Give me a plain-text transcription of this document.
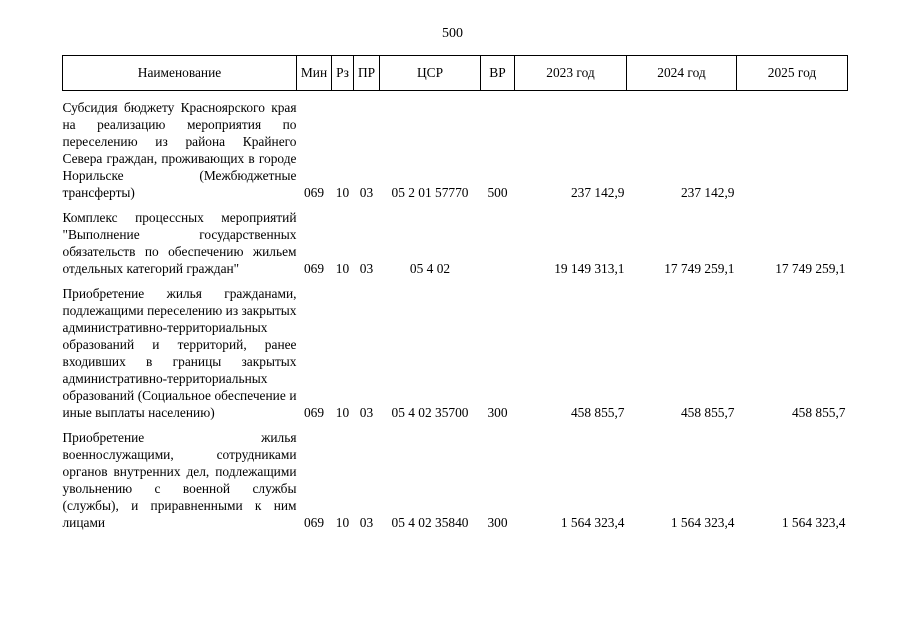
500
Наименование	Мин	Рз	ПР	ЦСР	ВР	2023 год	2024 год	2025 год

Субсидия бюджету Красноярского края на реализацию мероприятия по переселению из района Крайнего Севера граждан, проживающих в городе Норильске (Межбюджетные трансферты)	069	10	03	05 2 01 57770	500	237 142,9	237 142,9	

Комплекс процессных мероприятий "Выполнение государственных обязательств по обеспечению жильем отдельных категорий граждан"	069	10	03	05 4 02		19 149 313,1	17 749 259,1	17 749 259,1

Приобретение жилья гражданами, подлежащими переселению из закрытых административно-территориальных образований и территорий, ранее входивших в границы закрытых административно-территориальных образований (Социальное обеспечение и иные выплаты населению)	069	10	03	05 4 02 35700	300	458 855,7	458 855,7	458 855,7

Приобретение жилья военнослужащими, сотрудниками органов внутренних дел, подлежащими увольнению с военной службы (службы), и приравненными к ним лицами	069	10	03	05 4 02 35840	300	1 564 323,4	1 564 323,4	1 564 323,4
